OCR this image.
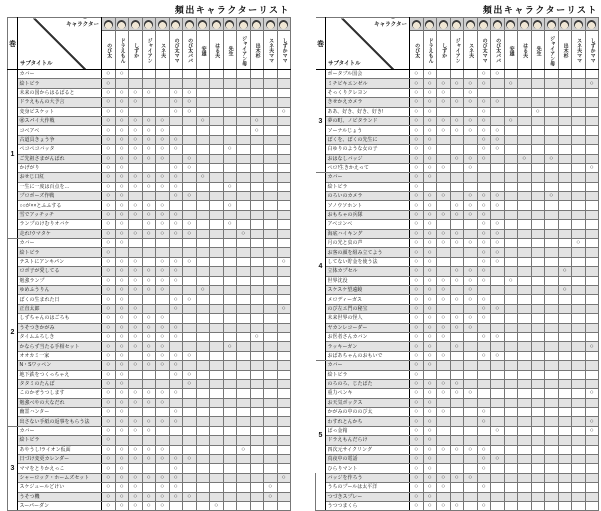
頻出キャラクターリスト
巻	キャラクター
サブタイトル	のび太	ドラえもん	しずか	ジャイアン	スネ夫	のび太ママ	のび太パパ	安雄	はる夫	先生	ジャイアン母	出木杉	スネ夫ママ	しずかママ

1	カバー	○	○												
	絵トビラ	○													
	未来の国からはるばると	○	○	○	○		○	○							
	ドラえもんの大予言	○	○	○			○	○							
	変身ビスケット	○	○				○	○							○
	㊙スパイ大作戦	○	○	○	○	○			○				○		
	コベアベ	○	○	○	○	○							○		
	古道具きょう争	○	○	○	○	○	○								
	ペコペコバッタ	○	○	○	○	○	○				○				
	ご先祖さまがんばれ	○	○	○	○	○		○							
	かげがり	○	○				○	○							
	おせじ口紅	○	○	○	○	○	○		○						
	一生に一度は百点を…	○	○	○	○	○	○				○				
	プロポーズ作戦	○	○				○	○							
	○○が××とふふする	○	○	○	○	○					○				
	雪でアッチッチ	○	○	○	○	○	○								
	ランプのけむりオバケ	○	○		○	○	○	○			○				
	走れ!ウマタケ	○	○	○	○	○	○	○				○			
2	カバー	○	○												
	絵トビラ	○													
	テストにアンキパン	○	○	○		○	○	○							○
	ロボ子が愛してる	○	○	○	○	○	○								
	勉強ランプ	○	○	○	○	○	○								
	ゆめふうりん	○	○	○	○	○			○						
	ぼくの生まれた日	○	○				○	○							
	正直太郎	○	○	○			○								○
	しずちゃんのはごろも	○	○	○	○	○									
	うそつきかがみ	○	○	○	○	○	○								
	タイムふろしき	○	○	○	○	○	○						○		
	かならず当たる手相セット	○	○	○	○	○					○				
	オオカミ一家	○	○		○	○	○	○							
	N・Sワッペン	○	○	○	○	○	○								
	地下鉄をつくっちゃえ	○	○				○	○							
	タタミのたんぼ	○	○					○							
	このかぜうつします	○	○	○	○	○	○								
	勉強べやの大なだれ	○	○	○	○	○									
	幽霊ハンター	○	○				○								
	出さない手紙の返事をもらう法	○	○	○	○	○	○								
3	カバー	○	○	○	○										
	絵トビラ	○													
	あやうし!ライオン仮面	○	○	○	○	○						○			
	日づけ変更カレンダー	○	○	○	○	○	○	○							
	ママをとりかえっこ	○	○				○								
	シャーロック・ホームズセット	○	○	○	○	○	○								○
	スケジュールどけい	○	○	○		○	○							○	
	うそつ機	○	○	○	○	○	○	○						○	
	スーパーダン	○	○	○	○	○				○					
頻出キャラクターリスト
巻	キャラクター
サブタイトル	のび太	ドラえもん	しずか	ジャイアン	スネ夫	のび太ママ	のび太パパ	安雄	はる夫	先生	ジャイアン母	出木杉	スネ夫ママ	しずかママ

3	ポータブル国会	○	○				○	○							
	ミチビキエンゼル	○	○	○	○	○	○		○						○
	そっくりクレヨン	○	○	○		○									
	きせかえカメラ	○	○	○	○	○	○	○							
	ああ、好き、好き、好き!	○	○				○				○				
	夢の町、ノビタランド	○	○	○	○	○	○		○						
	ソーナルじょう	○	○	○	○	○	○	○							
	ぼくを、ぼくの先生に	○	○				○	○							
	白ゆりのような女の子	○	○				○	○							
	おはなしバッジ	○	○		○	○	○			○		○			
	ペロ!生きかえって	○	○	○		○									○
4	カバー	○	○												
	絵トビラ	○													
	のろいのカメラ	○	○	○		○	○	○				○			
	ソノウソホント	○	○		○	○	○	○							
	おもちゃの兵隊	○	○	○	○	○	○								
	アベコンベ	○	○				○	○							
	海底ハイキング	○	○	○	○		○	○							
	月の光と虫の声	○	○	○	○	○	○	○						○	
	お客の顔を組み立てよう	○	○				○	○							
	してない貯金を使う法	○	○				○	○							
	立体カプセル	○	○		○	○	○						○		
	世界沈没	○	○	○	○	○	○		○						
	スケスケ望遠鏡	○	○	○		○							○		
	メロディーガス	○	○	○	○	○	○								
	のび左エ門の秘宝	○	○				○	○							
	未来世界の怪人	○	○	○	○	○	○								
	ヤカンレコーダー	○	○	○	○	○									
	お医者さんカバン	○	○	○			○	○							
	ラッキーガン	○	○		○										○
	おばあちゃんのおもいで	○	○	○			○	○							
5	カバー	○	○												
	絵トビラ	○													
	のろのろ、じたばた	○	○	○	○										
	重力ペンキ	○	○	○	○	○									○
	お天気ボックス	○	○												
	かがみの中ののび太	○	○	○			○								
	わすれとんかち	○	○				○								○
	ばっ金箱	○	○					○							○
	ドラえもんだらけ	○	○												
	四次元サイクリング	○	○	○	○	○	○								
	真夜中の電話	○	○				○	○							
	ひらりマント	○	○				○								
	バッジを作ろう	○	○	○	○	○									
	うちのプールは太平洋	○	○	○			○								
	つづきスプレー	○	○												
	うつつまくら	○	○	○	○		○								
